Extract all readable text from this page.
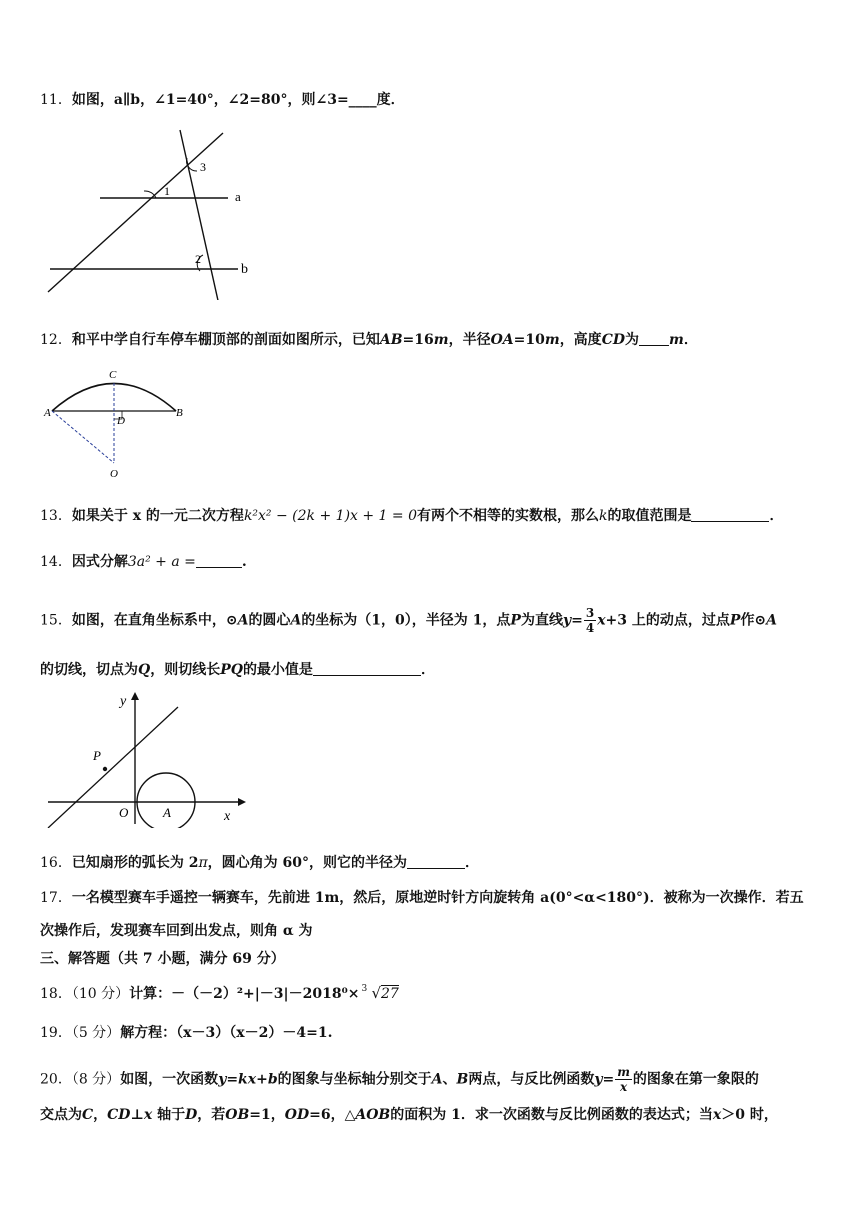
11．如图，a∥b，∠1=40°，∠2=80°，则∠3=____度．
1
2
3
a
b
12．和平中学自行车停车棚顶部的剖面如图所示，已知AB=16m，半径OA=10m，高度CD为 m．
C
A	B
D
O
13．如果关于 x 的一元二次方程k²x² − (2k + 1)x + 1 = 0有两个不相等的实数根，那么k的取值范围是	．
14．因式分解3a² + a =	.
15．如图，在直角坐标系中，⊙A的圆心A的坐标为（1，0），半径为 1，点P为直线$y= \frac{3}{4} x+3$ 上的动点，过点P作⊙A
的切线，切点为Q，则切线长PQ的最小值是	．
y
x
O	A
P
16．已知扇形的弧长为 2π，圆心角为 60°，则它的半径为	．
17．一名模型赛车手遥控一辆赛车，先前进 1m，然后，原地逆时针方向旋转角 a(0°<α<180°)．被称为一次操作．若五
次操作后，发现赛车回到出发点，则角 α 为
三、解答题（共 7 小题，满分 69 分）
18．（10 分）计算：－（－2）²+|－3|－2018⁰× 3 √27
19．（5 分）解方程：（x－3）（x－2）－4=1.
20．（8 分）如图，一次函数y=kx+b的图象与坐标轴分别交于A、B两点，与反比例函数$y= \frac{m}{x}$ 的图象在第一象限的
交点为C，CD⊥x 轴于D，若OB=1，OD=6，△AOB的面积为 1．求一次函数与反比例函数的表达式；当x＞0 时，
